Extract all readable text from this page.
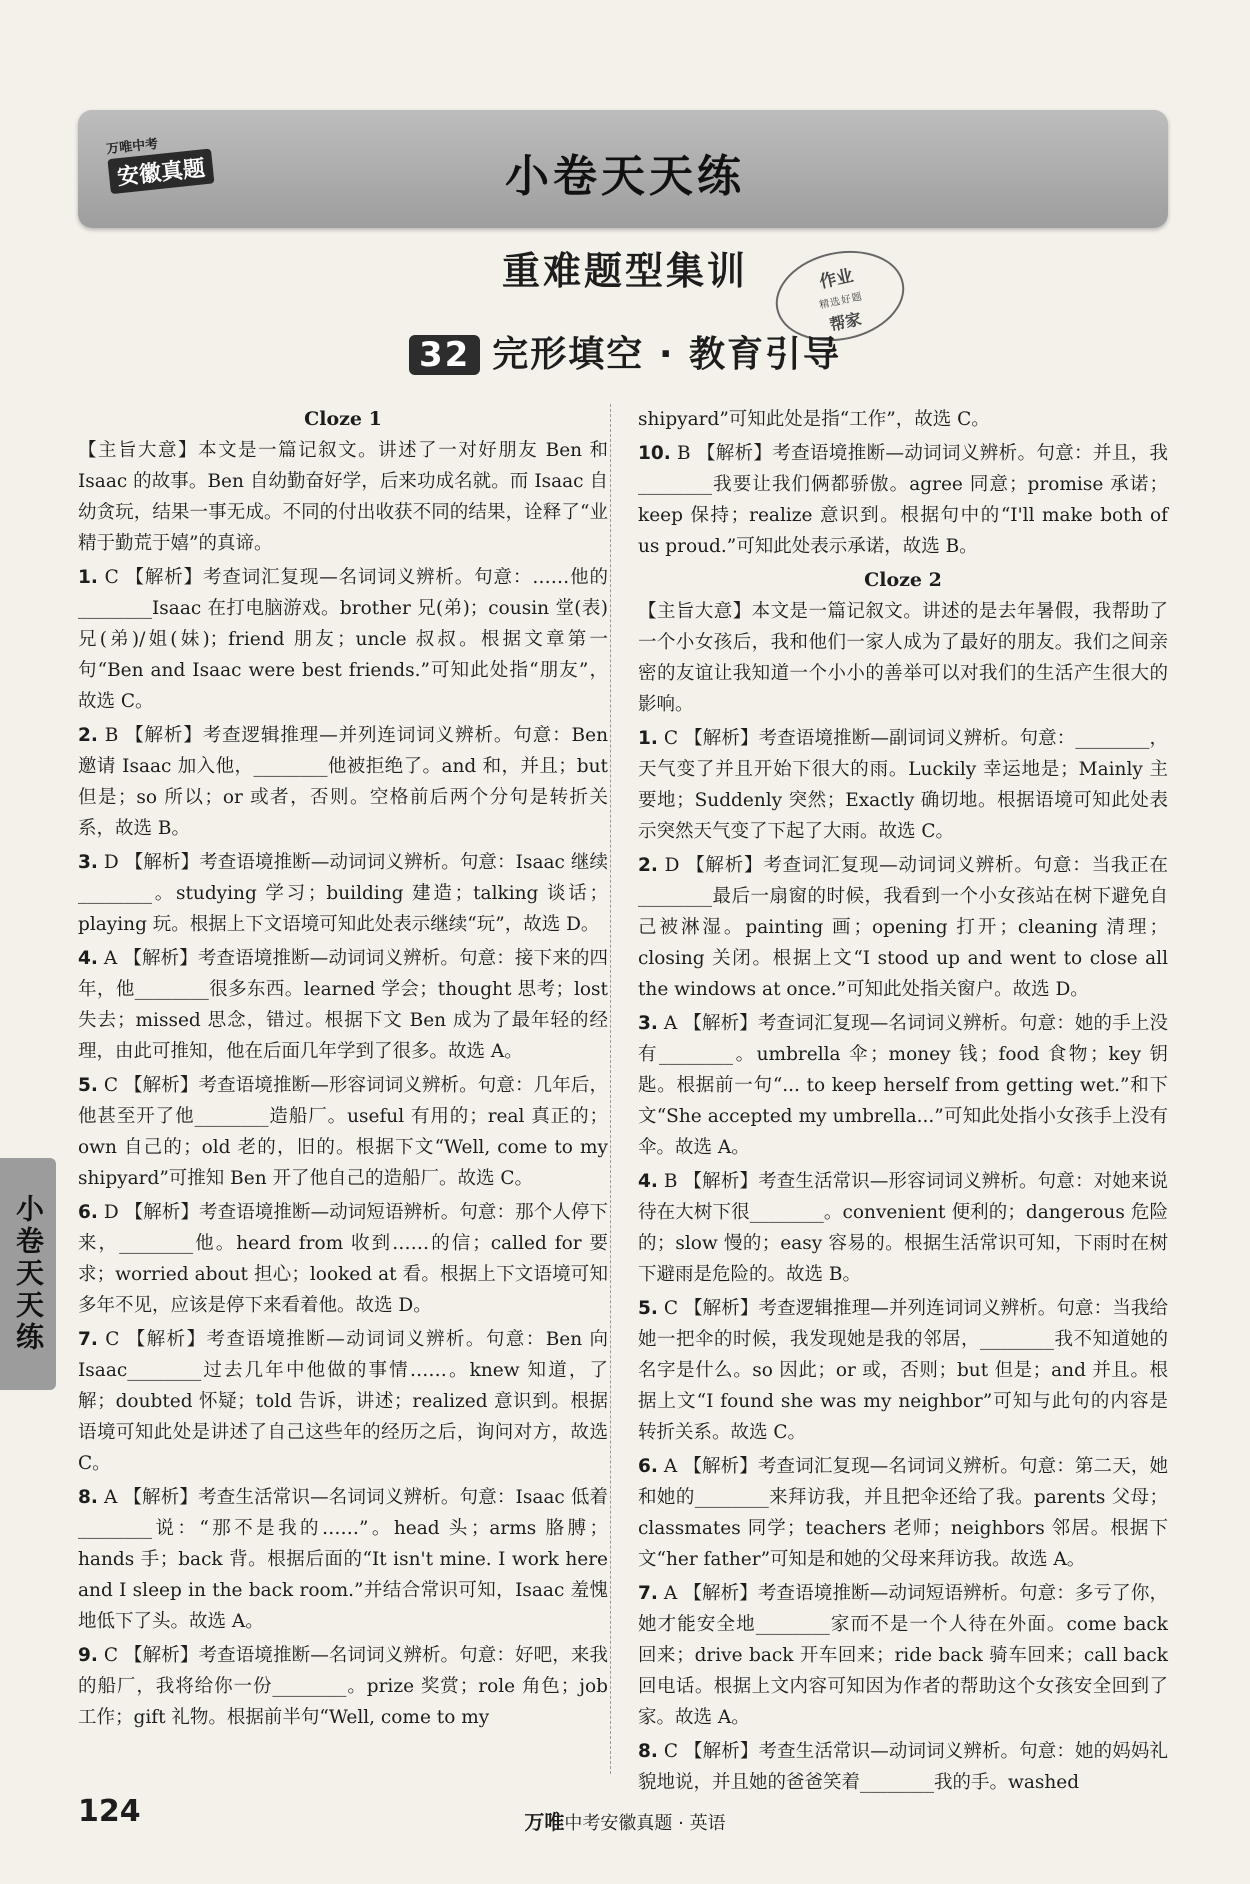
万唯中考
安徽真题	小卷天天练
重难题型集训	作业
精选好题
帮家
32 完形填空 · 教育引导

Cloze 1

【主旨大意】本文是一篇记叙文。讲述了一对好朋友 Ben 和 Isaac 的故事。Ben 自幼勤奋好学，后来功成名就。而 Isaac 自幼贪玩，结果一事无成。不同的付出收获不同的结果，诠释了“业精于勤荒于嬉”的真谛。

1. C 【解析】考查词汇复现—名词词义辨析。句意：……他的________Isaac 在打电脑游戏。brother 兄(弟)；cousin 堂(表)兄(弟)/姐(妹)；friend 朋友；uncle 叔叔。根据文章第一句“Ben and Isaac were best friends.”可知此处指“朋友”，故选 C。

2. B 【解析】考查逻辑推理—并列连词词义辨析。句意：Ben 邀请 Isaac 加入他，________他被拒绝了。and 和，并且；but 但是；so 所以；or 或者，否则。空格前后两个分句是转折关系，故选 B。

3. D 【解析】考查语境推断—动词词义辨析。句意：Isaac 继续________。studying 学习；building 建造；talking 谈话；playing 玩。根据上下文语境可知此处表示继续“玩”，故选 D。

4. A 【解析】考查语境推断—动词词义辨析。句意：接下来的四年，他________很多东西。learned 学会；thought 思考；lost 失去；missed 思念，错过。根据下文 Ben 成为了最年轻的经理，由此可推知，他在后面几年学到了很多。故选 A。

5. C 【解析】考查语境推断—形容词词义辨析。句意：几年后，他甚至开了他________造船厂。useful 有用的；real 真正的；own 自己的；old 老的，旧的。根据下文“Well, come to my shipyard”可推知 Ben 开了他自己的造船厂。故选 C。

6. D 【解析】考查语境推断—动词短语辨析。句意：那个人停下来，________他。heard from 收到……的信；called for 要求；worried about 担心；looked at 看。根据上下文语境可知多年不见，应该是停下来看着他。故选 D。

7. C 【解析】考查语境推断—动词词义辨析。句意：Ben 向 Isaac________过去几年中他做的事情……。knew 知道，了解；doubted 怀疑；told 告诉，讲述；realized 意识到。根据语境可知此处是讲述了自己这些年的经历之后，询问对方，故选 C。

8. A 【解析】考查生活常识—名词词义辨析。句意：Isaac 低着________说：“那不是我的……”。head 头；arms 胳膊；hands 手；back 背。根据后面的“It isn't mine. I work here and I sleep in the back room.”并结合常识可知，Isaac 羞愧地低下了头。故选 A。

9. C 【解析】考查语境推断—名词词义辨析。句意：好吧，来我的船厂，我将给你一份________。prize 奖赏；role 角色；job 工作；gift 礼物。根据前半句“Well, come to my

shipyard”可知此处是指“工作”，故选 C。

10. B 【解析】考查语境推断—动词词义辨析。句意：并且，我________我要让我们俩都骄傲。agree 同意；promise 承诺；keep 保持；realize 意识到。根据句中的“I'll make both of us proud.”可知此处表示承诺，故选 B。

Cloze 2

【主旨大意】本文是一篇记叙文。讲述的是去年暑假，我帮助了一个小女孩后，我和他们一家人成为了最好的朋友。我们之间亲密的友谊让我知道一个小小的善举可以对我们的生活产生很大的影响。

1. C 【解析】考查语境推断—副词词义辨析。句意：________，天气变了并且开始下很大的雨。Luckily 幸运地是；Mainly 主要地；Suddenly 突然；Exactly 确切地。根据语境可知此处表示突然天气变了下起了大雨。故选 C。

2. D 【解析】考查词汇复现—动词词义辨析。句意：当我正在________最后一扇窗的时候，我看到一个小女孩站在树下避免自己被淋湿。painting 画；opening 打开；cleaning 清理；closing 关闭。根据上文“I stood up and went to close all the windows at once.”可知此处指关窗户。故选 D。

3. A 【解析】考查词汇复现—名词词义辨析。句意：她的手上没有________。umbrella 伞；money 钱；food 食物；key 钥匙。根据前一句“... to keep herself from getting wet.”和下文“She accepted my umbrella...”可知此处指小女孩手上没有伞。故选 A。

4. B 【解析】考查生活常识—形容词词义辨析。句意：对她来说待在大树下很________。convenient 便利的；dangerous 危险的；slow 慢的；easy 容易的。根据生活常识可知，下雨时在树下避雨是危险的。故选 B。

5. C 【解析】考查逻辑推理—并列连词词义辨析。句意：当我给她一把伞的时候，我发现她是我的邻居，________我不知道她的名字是什么。so 因此；or 或，否则；but 但是；and 并且。根据上文“I found she was my neighbor”可知与此句的内容是转折关系。故选 C。

6. A 【解析】考查词汇复现—名词词义辨析。句意：第二天，她和她的________来拜访我，并且把伞还给了我。parents 父母；classmates 同学；teachers 老师；neighbors 邻居。根据下文“her father”可知是和她的父母来拜访我。故选 A。

7. A 【解析】考查语境推断—动词短语辨析。句意：多亏了你，她才能安全地________家而不是一个人待在外面。come back 回来；drive back 开车回来；ride back 骑车回来；call back 回电话。根据上文内容可知因为作者的帮助这个女孩安全回到了家。故选 A。

8. C 【解析】考查生活常识—动词词义辨析。句意：她的妈妈礼貌地说，并且她的爸爸笑着________我的手。washed

小卷天天练
124	万唯中考安徽真题 · 英语
